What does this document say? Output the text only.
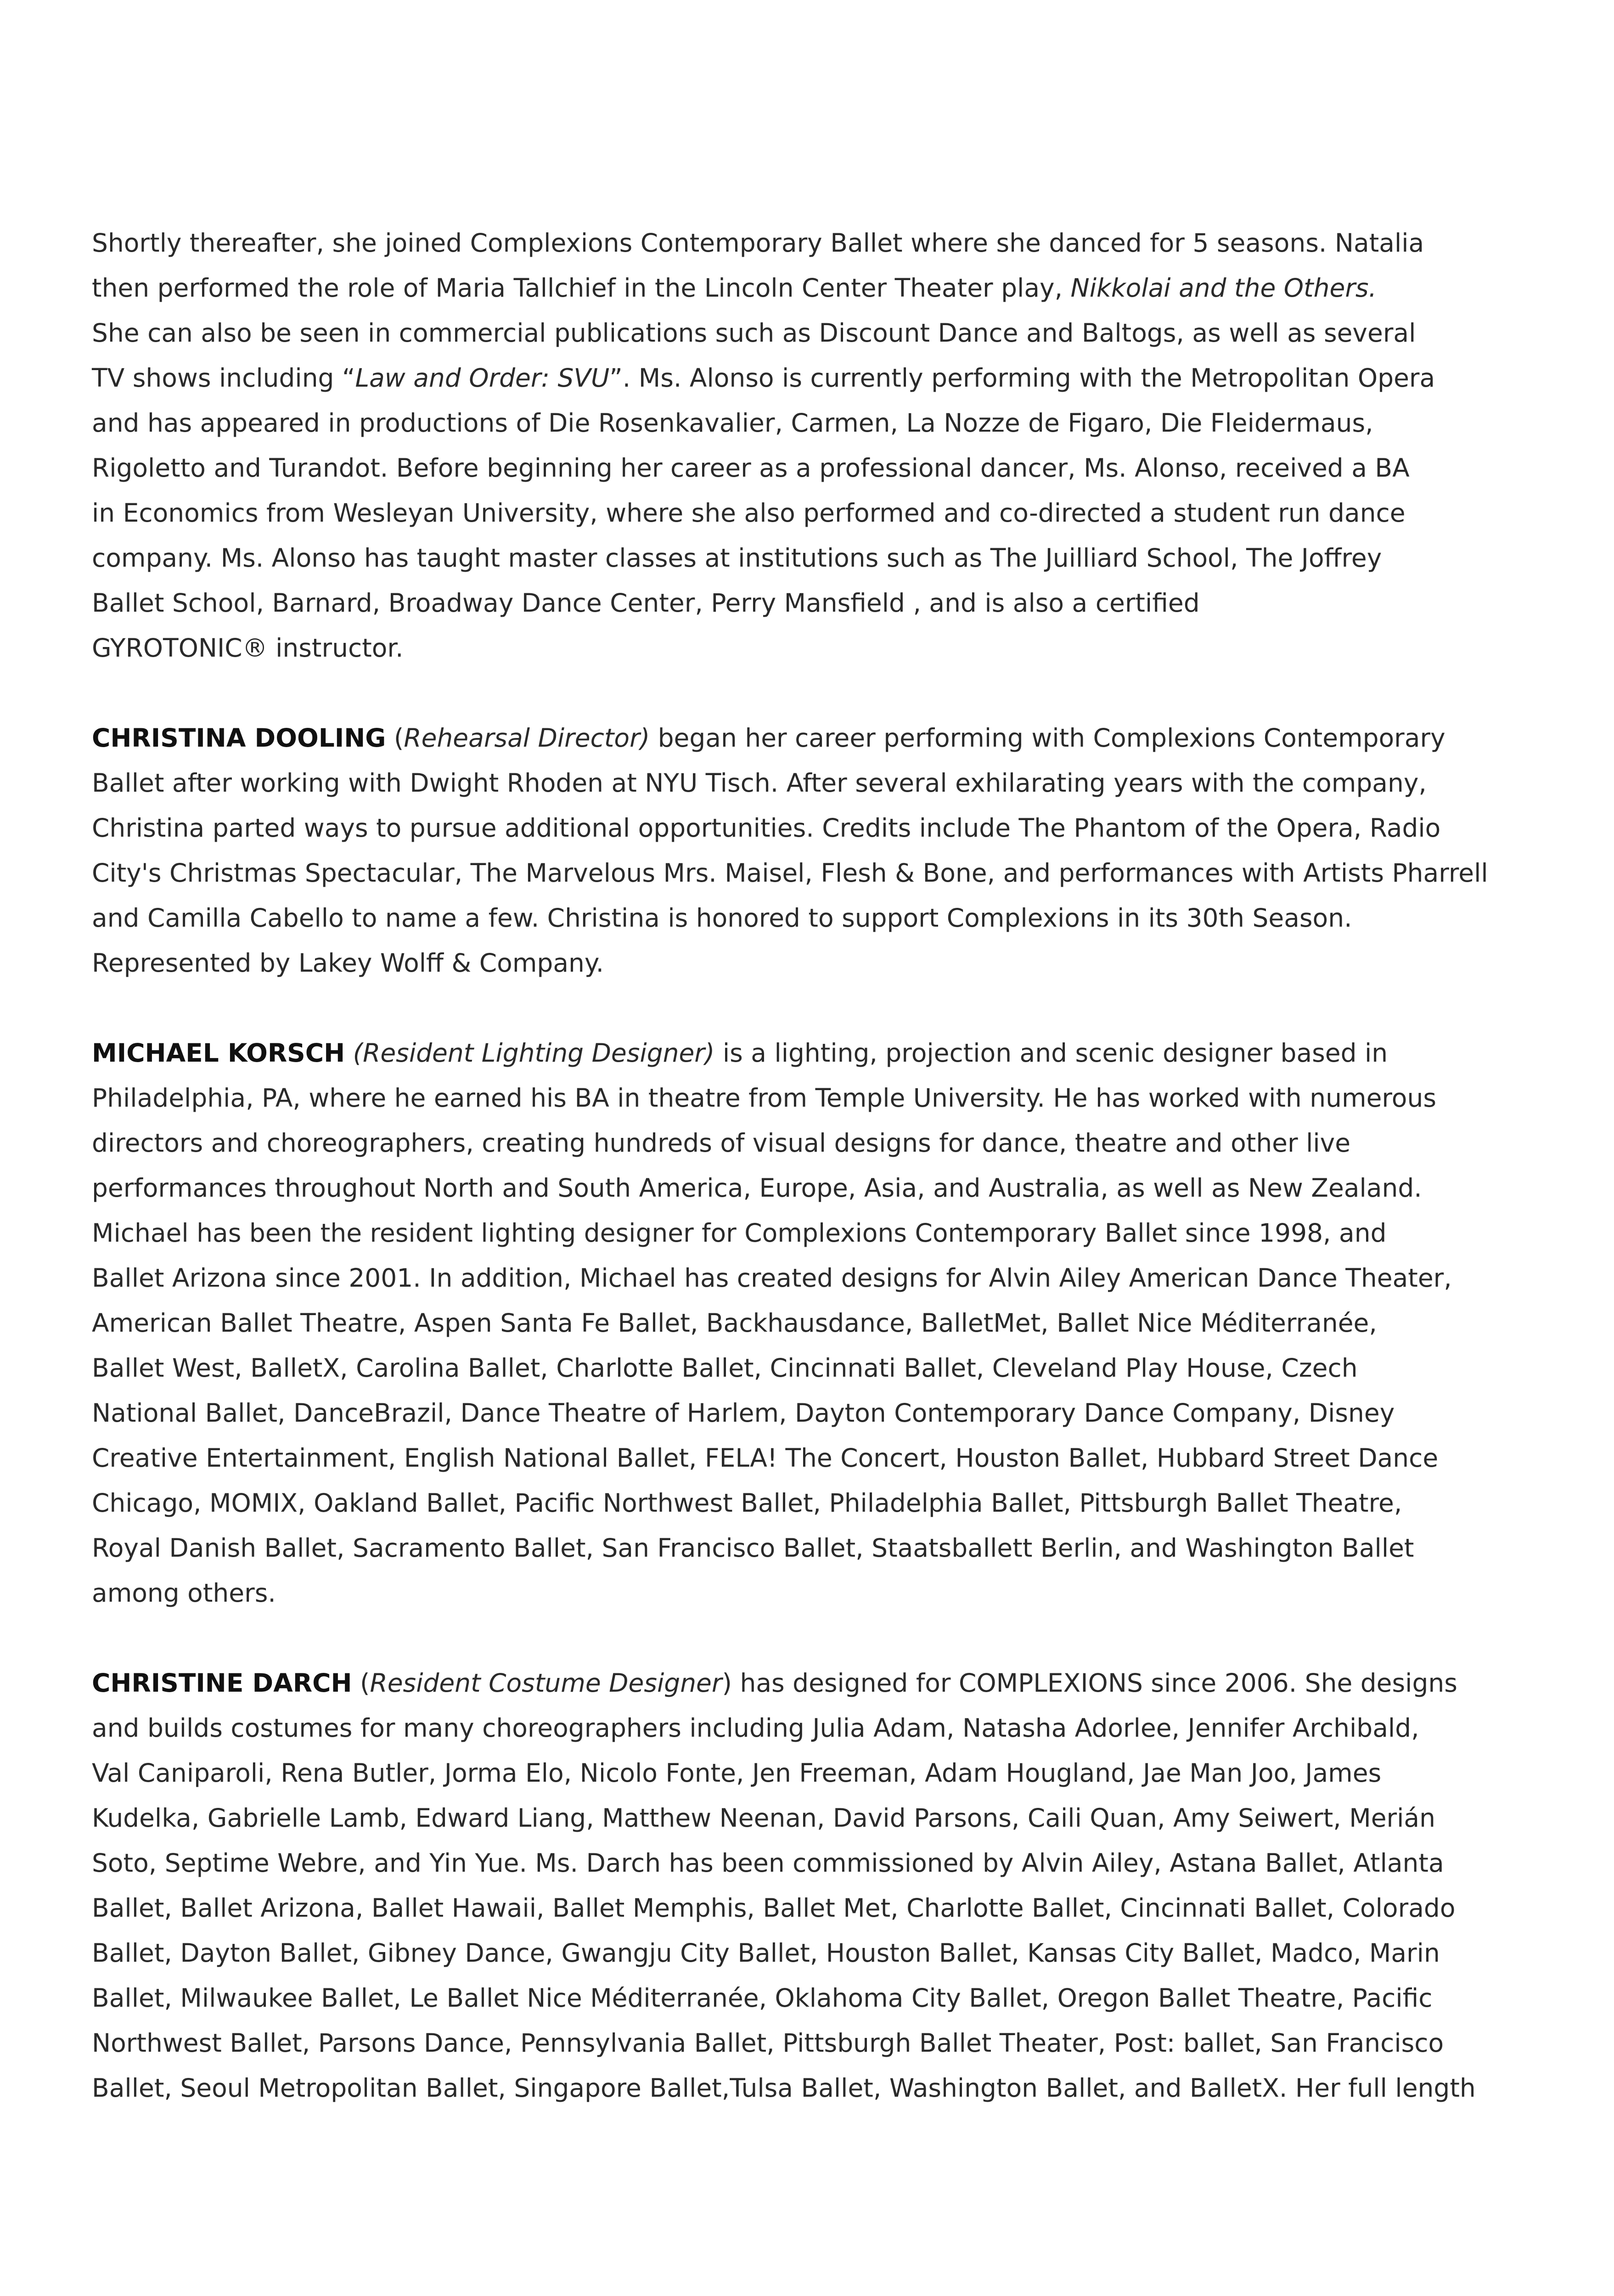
Shortly thereafter, she joined Complexions Contemporary Ballet where she danced for 5 seasons. Natalia
then performed the role of Maria Tallchief in the Lincoln Center Theater play, Nikkolai and the Others.
She can also be seen in commercial publications such as Discount Dance and Baltogs, as well as several
TV shows including “Law and Order: SVU”. Ms. Alonso is currently performing with the Metropolitan Opera
and has appeared in productions of Die Rosenkavalier, Carmen, La Nozze de Figaro, Die Fleidermaus,
Rigoletto and Turandot. Before beginning her career as a professional dancer, Ms. Alonso, received a BA
in Economics from Wesleyan University, where she also performed and co-directed a student run dance
company. Ms. Alonso has taught master classes at institutions such as The Juilliard School, The Joffrey
Ballet School, Barnard, Broadway Dance Center, Perry Mansfield , and is also a certified
GYROTONIC® instructor.
CHRISTINA DOOLING (Rehearsal Director) began her career performing with Complexions Contemporary
Ballet after working with Dwight Rhoden at NYU Tisch. After several exhilarating years with the company,
Christina parted ways to pursue additional opportunities. Credits include The Phantom of the Opera, Radio
City's Christmas Spectacular, The Marvelous Mrs. Maisel, Flesh & Bone, and performances with Artists Pharrell
and Camilla Cabello to name a few. Christina is honored to support Complexions in its 30th Season.
Represented by Lakey Wolff & Company.
MICHAEL KORSCH (Resident Lighting Designer) is a lighting, projection and scenic designer based in
Philadelphia, PA, where he earned his BA in theatre from Temple University. He has worked with numerous
directors and choreographers, creating hundreds of visual designs for dance, theatre and other live
performances throughout North and South America, Europe, Asia, and Australia, as well as New Zealand.
Michael has been the resident lighting designer for Complexions Contemporary Ballet since 1998, and
Ballet Arizona since 2001. In addition, Michael has created designs for Alvin Ailey American Dance Theater,
American Ballet Theatre, Aspen Santa Fe Ballet, Backhausdance, BalletMet, Ballet Nice Méditerranée,
Ballet West, BalletX, Carolina Ballet, Charlotte Ballet, Cincinnati Ballet, Cleveland Play House, Czech
National Ballet, DanceBrazil, Dance Theatre of Harlem, Dayton Contemporary Dance Company, Disney
Creative Entertainment, English National Ballet, FELA! The Concert, Houston Ballet, Hubbard Street Dance
Chicago, MOMIX, Oakland Ballet, Pacific Northwest Ballet, Philadelphia Ballet, Pittsburgh Ballet Theatre,
Royal Danish Ballet, Sacramento Ballet, San Francisco Ballet, Staatsballett Berlin, and Washington Ballet
among others.
CHRISTINE DARCH (Resident Costume Designer) has designed for COMPLEXIONS since 2006. She designs
and builds costumes for many choreographers including Julia Adam, Natasha Adorlee, Jennifer Archibald,
Val Caniparoli, Rena Butler, Jorma Elo, Nicolo Fonte, Jen Freeman, Adam Hougland, Jae Man Joo, James
Kudelka, Gabrielle Lamb, Edward Liang, Matthew Neenan, David Parsons, Caili Quan, Amy Seiwert, Merián
Soto, Septime Webre, and Yin Yue. Ms. Darch has been commissioned by Alvin Ailey, Astana Ballet, Atlanta
Ballet, Ballet Arizona, Ballet Hawaii, Ballet Memphis, Ballet Met, Charlotte Ballet, Cincinnati Ballet, Colorado
Ballet, Dayton Ballet, Gibney Dance, Gwangju City Ballet, Houston Ballet, Kansas City Ballet, Madco, Marin
Ballet, Milwaukee Ballet, Le Ballet Nice Méditerranée, Oklahoma City Ballet, Oregon Ballet Theatre, Pacific
Northwest Ballet, Parsons Dance, Pennsylvania Ballet, Pittsburgh Ballet Theater, Post: ballet, San Francisco
Ballet, Seoul Metropolitan Ballet, Singapore Ballet,Tulsa Ballet, Washington Ballet, and BalletX. Her full length
